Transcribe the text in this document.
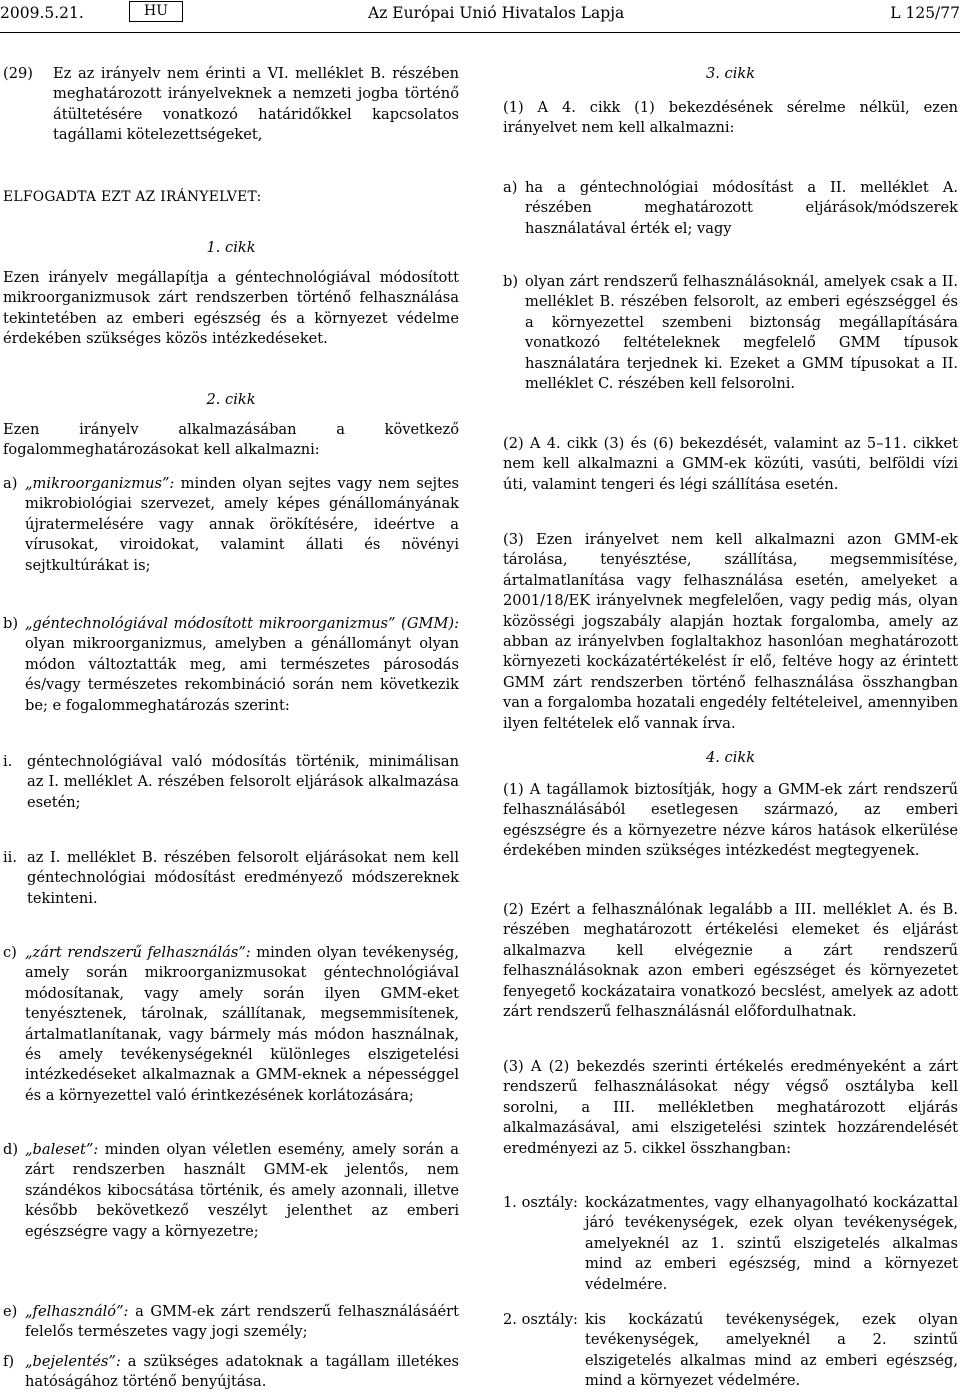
2009.5.21.	HU	Az Európai Unió Hivatalos Lapja	L 125/77
(29)	Ez az irányelv nem érinti a VI. melléklet B. részében meghatározott irányelveknek a nemzeti jogba történő átültetésére vonatkozó határidőkkel kapcsolatos tagállami kötelezettségeket,
ELFOGADTA EZT AZ IRÁNYELVET:
1. cikk
Ezen irányelv megállapítja a géntechnológiával módosított mikroorganizmusok zárt rendszerben történő felhasználása tekintetében az emberi egészség és a környezet védelme érdekében szükséges közös intézkedéseket.
2. cikk
Ezen irányelv alkalmazásában a következő fogalommeghatározásokat kell alkalmazni:
a) „mikroorganizmus”: minden olyan sejtes vagy nem sejtes mikrobiológiai szervezet, amely képes génállományának újratermelésére vagy annak örökítésére, ideértve a vírusokat, viroidokat, valamint állati és növényi sejtkultúrákat is;
b) „géntechnológiával módosított mikroorganizmus” (GMM): olyan mikroorganizmus, amelyben a génállományt olyan módon változtatták meg, ami természetes párosodás és/vagy természetes rekombináció során nem következik be; e fogalommeghatározás szerint:
i.	géntechnológiával való módosítás történik, minimálisan az I. melléklet A. részében felsorolt eljárások alkalmazása esetén;
ii. az I. melléklet B. részében felsorolt eljárásokat nem kell géntechnológiai módosítást eredményező módszereknek tekinteni.
c) „zárt rendszerű felhasználás”: minden olyan tevékenység, amely során mikroorganizmusokat géntechnológiával módosítanak, vagy amely során ilyen GMM-eket tenyésztenek, tárolnak, szállítanak, megsemmisítenek, ártalmatlanítanak, vagy bármely más módon használnak, és amely tevékenységeknél különleges elszigetelési intézkedéseket alkalmaznak a GMM-eknek a népességgel és a környezettel való érintkezésének korlátozására;
d) „baleset”: minden olyan véletlen esemény, amely során a zárt rendszerben használt GMM-ek jelentős, nem szándékos kibocsátása történik, és amely azonnali, illetve később bekövetkező veszélyt jelenthet az emberi egészségre vagy a környezetre;
e) „felhasználó”: a GMM-ek zárt rendszerű felhasználásáért felelős természetes vagy jogi személy;
f) „bejelentés”: a szükséges adatoknak a tagállam illetékes hatóságához történő benyújtása.
3. cikk
(1) A 4. cikk (1) bekezdésének sérelme nélkül, ezen irányelvet nem kell alkalmazni:
a) ha a géntechnológiai módosítást a II. melléklet A. részében meghatározott eljárások/módszerek használatával érték el; vagy
b) olyan zárt rendszerű felhasználásoknál, amelyek csak a II. melléklet B. részében felsorolt, az emberi egészséggel és a környezettel szembeni biztonság megállapítására vonatkozó feltételeknek megfelelő GMM típusok használatára terjednek ki. Ezeket a GMM típusokat a II. melléklet C. részében kell felsorolni.
(2) A 4. cikk (3) és (6) bekezdését, valamint az 5–11. cikket nem kell alkalmazni a GMM-ek közúti, vasúti, belföldi vízi úti, valamint tengeri és légi szállítása esetén.
(3) Ezen irányelvet nem kell alkalmazni azon GMM-ek tárolása, tenyésztése, szállítása, megsemmisítése, ártalmatlanítása vagy felhasználása esetén, amelyeket a 2001/18/EK irányelvnek megfelelően, vagy pedig más, olyan közösségi jogszabály alapján hoztak forgalomba, amely az abban az irányelvben foglaltakhoz hasonlóan meghatározott környezeti kockázatértékelést ír elő, feltéve hogy az érintett GMM zárt rendszerben történő felhasználása összhangban van a forgalomba hozatali engedély feltételeivel, amennyiben ilyen feltételek elő vannak írva.
4. cikk
(1) A tagállamok biztosítják, hogy a GMM-ek zárt rendszerű felhasználásából esetlegesen származó, az emberi egészségre és a környezetre nézve káros hatások elkerülése érdekében minden szükséges intézkedést megtegyenek.
(2) Ezért a felhasználónak legalább a III. melléklet A. és B. részében meghatározott értékelési elemeket és eljárást alkalmazva kell elvégeznie a zárt rendszerű felhasználásoknak azon emberi egészséget és környezetet fenyegető kockázataira vonatkozó becslést, amelyek az adott zárt rendszerű felhasználásnál előfordulhatnak.
(3) A (2) bekezdés szerinti értékelés eredményeként a zárt rendszerű felhasználásokat négy végső osztályba kell sorolni, a III. mellékletben meghatározott eljárás alkalmazásával, ami elszigetelési szintek hozzárendelését eredményezi az 5. cikkel összhangban:
1. osztály: kockázatmentes, vagy elhanyagolható kockázattal járó tevékenységek, ezek olyan tevékenységek, amelyeknél az 1. szintű elszigetelés alkalmas mind az emberi egészség, mind a környezet védelmére.
2. osztály: kis kockázatú tevékenységek, ezek olyan tevékenységek, amelyeknél a 2. szintű elszigetelés alkalmas mind az emberi egészség, mind a környezet védelmére.
